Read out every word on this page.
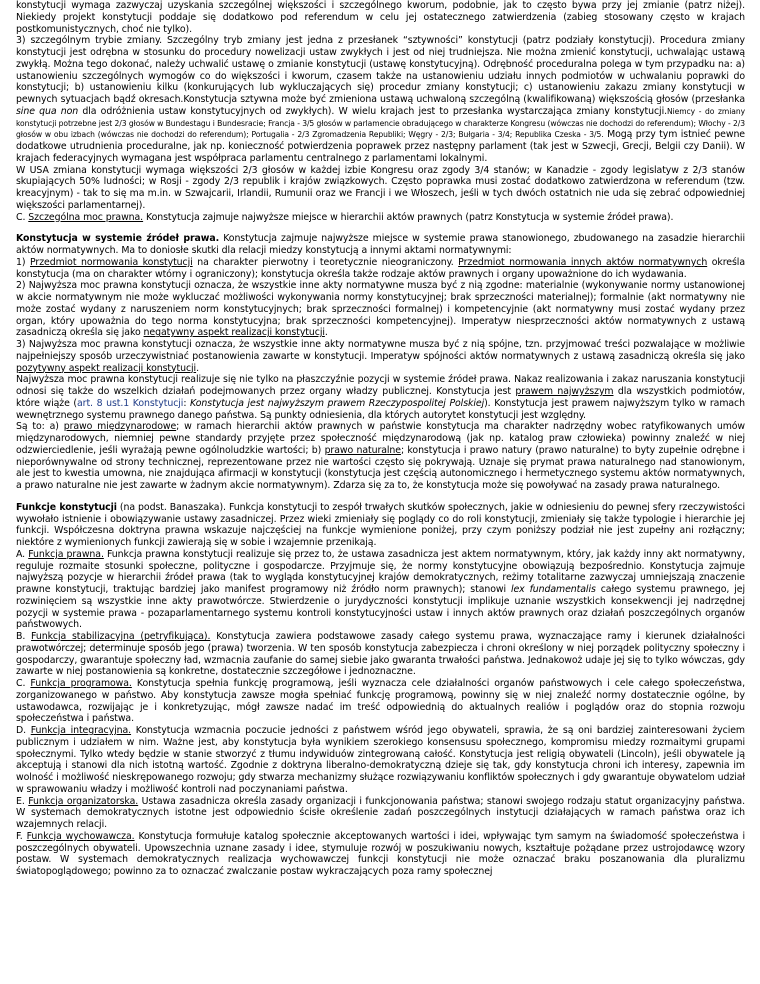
konstytucji wymaga zazwyczaj uzyskania szczególnej większości i szczególnego kworum, podobnie, jak to często bywa przy jej zmianie (patrz niżej). Niekiedy projekt konstytucji poddaje się dodatkowo pod referendum w celu jej ostatecznego zatwierdzenia (zabieg stosowany często w krajach postkomunistycznych, choć nie tylko).

3) szczególnym trybie zmiany. Szczególny tryb zmiany jest jedna z przesłanek “sztywności” konstytucji (patrz podziały konstytucji). Procedura zmiany konstytucji jest odrębna w stosunku do procedury nowelizacji ustaw zwykłych i jest od niej trudniejsza. Nie można zmienić konstytucji, uchwalając ustawą zwykłą. Można tego dokonać, należy uchwalić ustawę o zmianie konstytucji (ustawę konstytucyjną). Odrębność proceduralna polega w tym przypadku na: a) ustanowieniu szczególnych wymogów co do większości i kworum, czasem także na ustanowieniu udziału innych podmiotów w uchwalaniu poprawki do konstytucji; b) ustanowieniu kilku (konkurujących lub wykluczających się) procedur zmiany konstytucji; c) ustanowieniu zakazu zmiany konstytucji w pewnych sytuacjach bądź okresach.Konstytucja sztywna może być zmieniona ustawą uchwaloną szczególną (kwalifikowaną) większością głosów (przesłanka sine qua non dla odróżnienia ustaw konstytucyjnych od zwykłych). W wielu krajach jest to przesłanka wystarczająca zmiany konstytucji.Niemcy - do zmiany konstytucji potrzebne jest 2/3 głosów w Bundestagu i Bundesracie; Francja - 3/5 głosów w parlamencie obradującego w charakterze Kongresu (wówczas nie dochodzi do referendum); Włochy - 2/3 głosów w obu izbach (wówczas nie dochodzi do referendum); Portugalia - 2/3 Zgromadzenia Republiki; Węgry - 2/3; Bułgaria - 3/4; Republika Czeska - 3/5. Mogą przy tym istnieć pewne dodatkowe utrudnienia proceduralne, jak np. konieczność potwierdzenia poprawek przez następny parlament (tak jest w Szwecji, Grecji, Belgii czy Danii). W krajach federacyjnych wymagana jest współpraca parlamentu centralnego z parlamentami lokalnymi.

W USA zmiana konstytucji wymaga większości 2/3 głosów w każdej izbie Kongresu oraz zgody 3/4 stanów; w Kanadzie - zgody legislatyw z 2/3 stanów skupiających 50% ludności; w Rosji - zgody 2/3 republik i krajów związkowych. Często poprawka musi zostać dodatkowo zatwierdzona w referendum (tzw. kreacyjnym) - tak to się ma m.in. w Szwajcarii, Irlandii, Rumunii oraz we Francji i we Włoszech, jeśli w tych dwóch ostatnich nie uda się zebrać odpowiedniej większości parlamentarnej).

C. Szczególna moc prawna. Konstytucja zajmuje najwyższe miejsce w hierarchii aktów prawnych (patrz Konstytucja w systemie źródeł prawa).

Konstytucja w systemie źródeł prawa. Konstytucja zajmuje najwyższe miejsce w systemie prawa stanowionego, zbudowanego na zasadzie hierarchii aktów normatywnych. Ma to doniosłe skutki dla relacji miedzy konstytucją a innymi aktami normatywnymi:

1) Przedmiot normowania konstytucji na charakter pierwotny i teoretycznie nieograniczony. Przedmiot normowania innych aktów normatywnych określa konstytucja (ma on charakter wtórny i ograniczony); konstytucja określa także rodzaje aktów prawnych i organy upoważnione do ich wydawania.

2) Najwyższa moc prawna konstytucji oznacza, że wszystkie inne akty normatywne musza być z nią zgodne: materialnie (wykonywanie normy ustanowionej w akcie normatywnym nie może wykluczać możliwości wykonywania normy konstytucyjnej; brak sprzeczności materialnej); formalnie (akt normatywny nie może zostać wydany z naruszeniem norm konstytucyjnych; brak sprzeczności formalnej) i kompetencyjnie (akt normatywny musi zostać wydany przez organ, który upoważnia do tego norma konstytucyjna; brak sprzeczności kompetencyjnej). Imperatyw niesprzeczności aktów normatywnych z ustawą zasadniczą określa się jako negatywny aspekt realizacji konstytucji.

3) Najwyższa moc prawna konstytucji oznacza, że wszystkie inne akty normatywne musza być z nią spójne, tzn. przyjmować treści pozwalające w możliwie najpełniejszy sposób urzeczywistniać postanowienia zawarte w konstytucji. Imperatyw spójności aktów normatywnych z ustawą zasadniczą określa się jako pozytywny aspekt realizacji konstytucji.

Najwyższa moc prawna konstytucji realizuje się nie tylko na płaszczyźnie pozycji w systemie źródeł prawa. Nakaz realizowania i zakaz naruszania konstytucji odnosi się także do wszelkich działań podejmowanych przez organy władzy publicznej. Konstytucja jest prawem najwyższym dla wszystkich podmiotów, które wiąże (art. 8 ust.1 Konstytucji: Konstytucja jest najwyższym prawem Rzeczypospolitej Polskiej). Konstytucja jest prawem najwyższym tylko w ramach wewnętrznego systemu prawnego danego państwa. Są punkty odniesienia, dla których autorytet konstytucji jest względny.

Są to: a) prawo międzynarodowe; w ramach hierarchii aktów prawnych w państwie konstytucja ma charakter nadrzędny wobec ratyfikowanych umów międzynarodowych, niemniej pewne standardy przyjęte przez społeczność międzynarodową (jak np. katalog praw człowieka) powinny znaleźć w niej odzwierciedlenie, jeśli wyrażają pewne ogólnoludzkie wartości; b) prawo naturalne; konstytucja i prawo natury (prawo naturalne) to byty zupełnie odrębne i nieporównywalne od strony technicznej, reprezentowane przez nie wartości często się pokrywają. Uznaje się prymat prawa naturalnego nad stanowionym, ale jest to kwestia umowna, nie znajdująca afirmacji w konstytucji (konstytucja jest częścią autonomicznego i hermetycznego systemu aktów normatywnych, a prawo naturalne nie jest zawarte w żadnym akcie normatywnym). Zdarza się za to, że konstytucja może się powoływać na zasady prawa naturalnego.

Funkcje konstytucji (na podst. Banaszaka). Funkcja konstytucji to zespół trwałych skutków społecznych, jakie w odniesieniu do pewnej sfery rzeczywistości wywołało istnienie i obowiązywanie ustawy zasadniczej. Przez wieki zmieniały się poglądy co do roli konstytucji, zmieniały się także typologie i hierarchie jej funkcji. Współczesna doktryna prawna wskazuje najczęściej na funkcje wymienione poniżej, przy czym poniższy podział nie jest zupełny ani rozłączny; niektóre z wymienionych funkcji zawierają się w sobie i wzajemnie przenikają.

A. Funkcja prawna. Funkcja prawna konstytucji realizuje się przez to, że ustawa zasadnicza jest aktem normatywnym, który, jak każdy inny akt normatywny, reguluje rozmaite stosunki społeczne, polityczne i gospodarcze. Przyjmuje się, że normy konstytucyjne obowiązują bezpośrednio. Konstytucja zajmuje najwyższą pozycje w hierarchii źródeł prawa (tak to wygląda konstytucyjnej krajów demokratycznych, reżimy totalitarne zazwyczaj umniejszają znaczenie prawne konstytucji, traktując bardziej jako manifest programowy niż źródło norm prawnych); stanowi lex fundamentalis całego systemu prawnego, jej rozwinięciem są wszystkie inne akty prawotwórcze. Stwierdzenie o jurydyczności konstytucji implikuje uznanie wszystkich konsekwencji jej nadrzędnej pozycji w systemie prawa - pozaparlamentarnego systemu kontroli konstytucyjności ustaw i innych aktów prawnych oraz działań poszczególnych organów państwowych.

B. Funkcja stabilizacyjna (petryfikująca). Konstytucja zawiera podstawowe zasady całego systemu prawa, wyznaczające ramy i kierunek działalności prawotwórczej; determinuje sposób jego (prawa) tworzenia. W ten sposób konstytucja zabezpiecza i chroni określony w niej porządek polityczny społeczny i gospodarczy, gwarantuje społeczny ład, wzmacnia zaufanie do samej siebie jako gwaranta trwałości państwa. Jednakowoż udaje jej się to tylko wówczas, gdy zawarte w niej postanowienia są konkretne, dostatecznie szczegółowe i jednoznaczne.

C. Funkcja programowa. Konstytucja spełnia funkcję programową, jeśli wyznacza cele działalności organów państwowych i cele całego społeczeństwa, zorganizowanego w państwo. Aby konstytucja zawsze mogła spełniać funkcję programową, powinny się w niej znaleźć normy dostatecznie ogólne, by ustawodawca, rozwijając je i konkretyzując, mógł zawsze nadać im treść odpowiednią do aktualnych realiów i poglądów oraz do stopnia rozwoju społeczeństwa i państwa.

D. Funkcja integracyjna. Konstytucja wzmacnia poczucie jedności z państwem wśród jego obywateli, sprawia, że są oni bardziej zainteresowani życiem publicznym i udziałem w nim. Ważne jest, aby konstytucja była wynikiem szerokiego konsensusu społecznego, kompromisu miedzy rozmaitymi grupami społecznymi. Tylko wtedy będzie w stanie stworzyć z tłumu indywiduów zintegrowaną całość. Konstytucja jest religią obywateli (Lincoln), jeśli obywatele ją akceptują i stanowi dla nich istotną wartość. Zgodnie z doktryna liberalno-demokratyczną dzieje się tak, gdy konstytucja chroni ich interesy, zapewnia im wolność i możliwość nieskrępowanego rozwoju; gdy stwarza mechanizmy służące rozwiązywaniu konfliktów społecznych i gdy gwarantuje obywatelom udział w sprawowaniu władzy i możliwość kontroli nad poczynaniami państwa.

E. Funkcja organizatorska. Ustawa zasadnicza określa zasady organizacji i funkcjonowania państwa; stanowi swojego rodzaju statut organizacyjny państwa. W systemach demokratycznych istotne jest odpowiednio ścisłe określenie zadań poszczególnych instytucji działających w ramach państwa oraz ich wzajemnych relacji.

F. Funkcja wychowawcza. Konstytucja formułuje katalog społecznie akceptowanych wartości i idei, wpływając tym samym na świadomość społeczeństwa i poszczególnych obywateli. Upowszechnia uznane zasady i idee, stymuluje rozwój w poszukiwaniu nowych, kształtuje pożądane przez ustrojodawcę wzory postaw. W systemach demokratycznych realizacja wychowawczej funkcji konstytucji nie może oznaczać braku poszanowania dla pluralizmu światopoglądowego; powinno za to oznaczać zwalczanie postaw wykraczających poza ramy społecznej
